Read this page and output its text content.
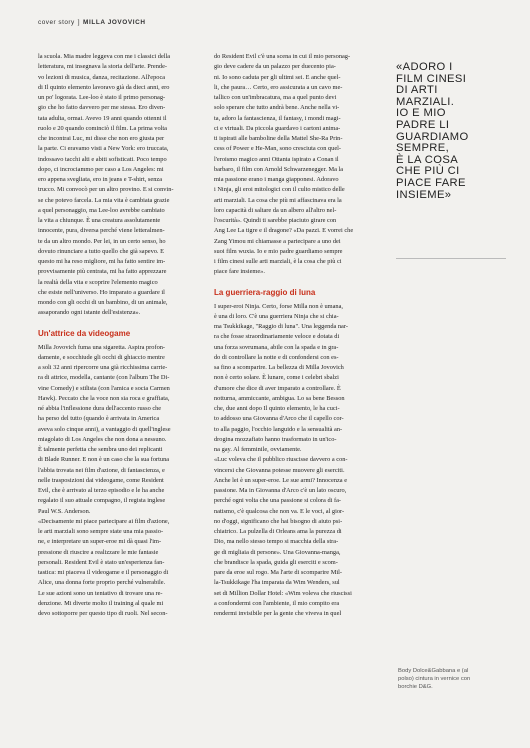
cover story ] MILLA JOVOVICH

la scuola. Mia madre leggeva con me i classici della
letteratura, mi insegnava la storia dell'arte. Prende-
vo lezioni di musica, danza, recitazione. All'epoca
di Il quinto elemento lavoravo già da dieci anni, ero
un po' logorata. Lee-loo è stato il primo personag-
gio che ho fatto davvero per me stessa. Ero diven-
tata adulta, ormai. Avevo 19 anni quando ottenni il
ruolo e 20 quando cominciò il film. La prima volta
che incontrai Luc, mi disse che non ero giusta per
la parte. Ci eravamo visti a New York: ero truccata,
indossavo tacchi alti e abiti sofisticati. Poco tempo
dopo, ci incrociammo per caso a Los Angeles: mi
ero appena svegliata, ero in jeans e T-shirt, senza
trucco. Mi convocò per un altro provino. E si convin-
se che potevo farcela. La mia vita è cambiata grazie
a quel personaggio, ma Lee-loo avrebbe cambiato
la vita a chiunque. È una creatura assolutamente
innocente, pura, diversa perché viene letteralmen-
te da un altro mondo. Per lei, in un certo senso, ho
dovuto rinunciare a tutto quello che già sapevo. E
questo mi ha reso migliore, mi ha fatto sentire im-
provvisamente più centrata, mi ha fatto apprezzare
la realtà della vita e scoprire l'elemento magico
che esiste nell'universo. Ho imparato a guardare il
mondo con gli occhi di un bambino, di un animale,
assaporando ogni istante dell'esistenza».

Un'attrice da videogame

Milla Jovovich fuma una sigaretta. Aspira profon-
damente, e socchiude gli occhi di ghiaccio mentre
a soli 32 anni ripercorre una già ricchissima carrie-
ra di attrice, modella, cantante (con l'album The Di-
vine Comedy) e stilista (con l'amica e socia Carmen
Hawk). Peccato che la voce non sia roca e graffiata,
né abbia l'inflessione dura dell'accento russo che
ha perso del tutto (quando è arrivata in America
aveva solo cinque anni), a vantaggio di quell'inglese
miagolato di Los Angeles che non dona a nessuno.
È talmente perfetta che sembra uno dei replicanti
di Blade Runner. E non è un caso che la sua fortuna
l'abbia trovata nei film d'azione, di fantascienza, e
nelle trasposizioni dai videogame, come Resident
Evil, che è arrivato al terzo episodio e le ha anche
regalato il suo attuale compagno, il regista inglese
Paul W.S. Anderson.

«Decisamente mi piace partecipare ai film d'azione,
le arti marziali sono sempre state una mia passio-
ne, e interpretare un super-eroe mi dà quasi l'im-
pressione di riuscire a realizzare le mie fantasie
personali. Resident Evil è stato un'esperienza fan-
tastica: mi piaceva il videogame e il personaggio di
Alice, una donna forte proprio perché vulnerabile.
Le sue azioni sono un tentativo di trovare una re-
denzione. Mi diverte molto il training al quale mi
devo sottoporre per questo tipo di ruoli. Nel secon-

do Resident Evil c'è una scena in cui il mio personag-
gio deve cadere da un palazzo per duecento pia-
ni. Io sono caduta per gli ultimi sei. E anche quel-
li, che paura… Certo, ero assicurata a un cavo me-
tallico con un'imbracatura, ma a quel punto devi
solo sperare che tutto andrà bene. Anche nella vi-
ta, adoro la fantascienza, il fantasy, i mondi magi-
ci e virtuali. Da piccola guardavo i cartoni anima-
ti ispirati alle bamboline della Mattel She-Ra Prin-
cess of Power e He-Man, sono cresciuta con quel-
l'eroismo magico anni Ottanta ispirato a Conan il
barbaro, il film con Arnold Schwarzenegger. Ma la
mia passione erano i manga giapponesi. Adoravo
i Ninja, gli eroi mitologici con il culto mistico delle
arti marziali. La cosa che più mi affascinava era la
loro capacità di saltare da un albero all'altro nel-
l'oscurità». Quindi ti sarebbe piaciuto girare con
Ang Lee La tigre e il dragone? «Da pazzi. E vorrei che
Zang Yimou mi chiamasse a partecipare a uno dei
suoi film wuxia. Io e mio padre guardiamo sempre
i film cinesi sulle arti marziali, è la cosa che più ci
piace fare insieme».

La guerriera-raggio di luna

I super-eroi Ninja. Certo, forse Milla non è umana,
è una di loro. C'è una guerriera Ninja che si chia-
ma Tsukkikage, "Raggio di luna". Una leggenda nar-
ra che fosse straordinariamente veloce e dotata di
una forza sovrumana, abile con la spada e in gra-
do di controllare la notte e di confondersi con es-
sa fino a scomparire. La bellezza di Milla Jovovich
non è certo solare. È lunare, come i celebri sbalzi
d'umore che dice di aver imparato a controllare. È
notturna, ammiccante, ambigua. Lo sa bene Besson
che, due anni dopo Il quinto elemento, le ha cuci-
to addosso una Giovanna d'Arco che il capello cor-
to alla paggio, l'occhio languido e la sensualità an-
drogina mozzafiato hanno trasformato in un'ico-
na gay. Al femminile, ovviamente.

«Luc voleva che il pubblico riuscisse davvero a con-
vincersi che Giovanna potesse muovere gli eserciti.
Anche lei è un super-eroe. Le sue armi? Innocenza e
passione. Ma in Giovanna d'Arco c'è un lato oscuro,
perché ogni volta che una passione si colora di fa-
natismo, c'è qualcosa che non va. E le voci, al gior-
no d'oggi, significano che hai bisogno di aiuto psi-
chiatrico. La pulzella di Orleans ama la purezza di
Dio, ma nello stesso tempo si macchia della stra-
ge di migliaia di persone». Una Giovanna-manga,
che brandisce la spada, guida gli eserciti e scom-
pare da eroe sul rogo. Ma l'arte di scomparire Mil-
la-Tsukkikage l'ha imparata da Wim Wenders, sul
set di Million Dollar Hotel: «Wim voleva che riuscissi
a confondermi con l'ambiente, il mio compito era
rendermi invisibile per la gente che viveva in quel

«ADORO I
FILM CINESI
DI ARTI
MARZIALI.
IO E MIO
PADRE LI
GUARDIAMO
SEMPRE,
È LA COSA
CHE PIÙ CI
PIACE FARE
INSIEME»
Body Dolce&Gabbana e (al
polso) cintura in vernice con
borchie D&G.
